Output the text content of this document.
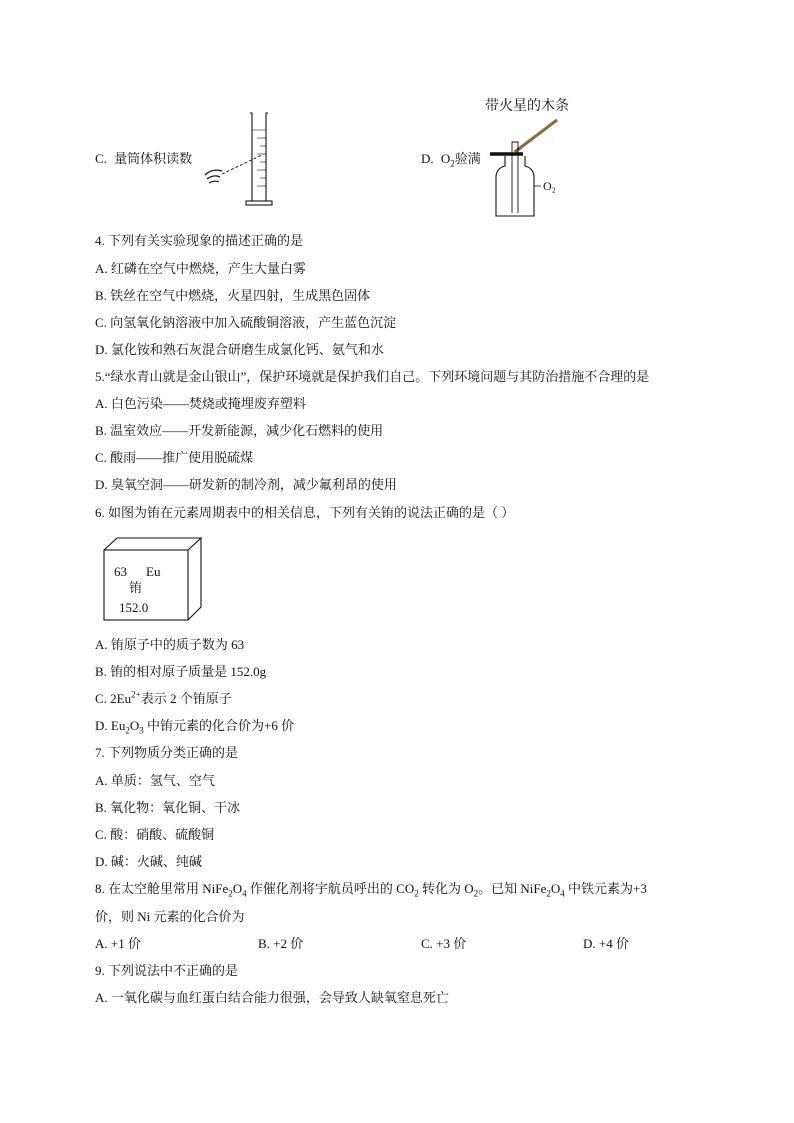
C. 量筒体积读数	D. $O_2$验满
带火星的木条
O₂
4. 下列有关实验现象的描述正确的是
A. 红磷在空气中燃烧，产生大量白雾
B. 铁丝在空气中燃烧，火星四射，生成黑色固体
C. 向氢氧化钠溶液中加入硫酸铜溶液，产生蓝色沉淀
D. 氯化铵和熟石灰混合研磨生成氯化钙、氨气和水
5.“绿水青山就是金山银山”，保护环境就是保护我们自己。下列环境问题与其防治措施不合理的是
A. 白色污染——焚烧或掩埋废弃塑料
B. 温室效应——开发新能源，减少化石燃料的使用
C. 酸雨——推广使用脱硫煤
D. 臭氧空洞——研发新的制冷剂，减少氟利昂的使用
6. 如图为铕在元素周期表中的相关信息，下列有关铕的说法正确的是（ ）
63 Eu
铕
152.0
A. 铕原子中的质子数为 63
B. 铕的相对原子质量是 152.0g
C. $2Eu^{2+}$表示 2 个铕原子
D. $Eu_2O_3$ 中铕元素的化合价为+6 价
7. 下列物质分类正确的是
A. 单质：氢气、空气
B. 氧化物：氧化铜、干冰
C. 酸：硝酸、硫酸铜
D. 碱：火碱、纯碱
8. 在太空舱里常用 $NiFe_2O_4$ 作催化剂将宇航员呼出的 $CO_2$ 转化为 $O_2$。已知 $NiFe_2O_4$ 中铁元素为+3
价，则 Ni 元素的化合价为
A. +1 价	B. +2 价	C. +3 价	D. +4 价
9. 下列说法中不正确的是
A. 一氧化碳与血红蛋白结合能力很强，会导致人缺氧窒息死亡
